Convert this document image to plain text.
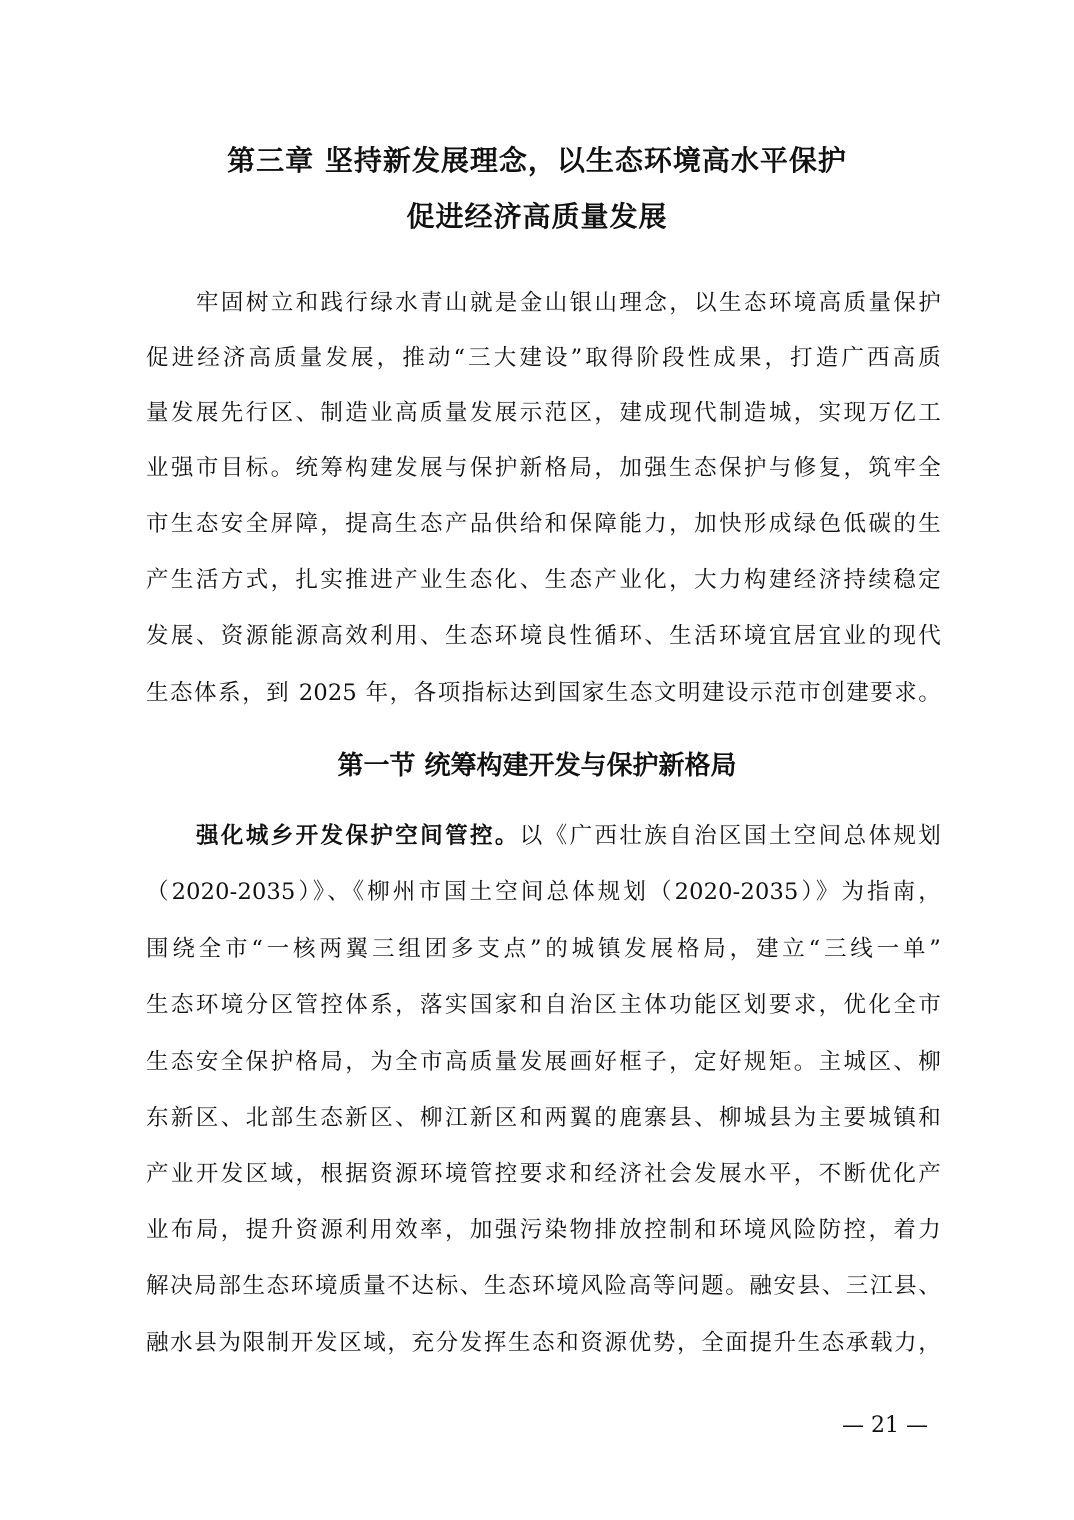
第三章 坚持新发展理念，以生态环境高水平保护
促进经济高质量发展
牢固树立和践行绿水青山就是金山银山理念，以生态环境高质量保护
促进经济高质量发展，推动“三大建设”取得阶段性成果，打造广西高质
量发展先行区、制造业高质量发展示范区，建成现代制造城，实现万亿工
业强市目标。统筹构建发展与保护新格局，加强生态保护与修复，筑牢全
市生态安全屏障，提高生态产品供给和保障能力，加快形成绿色低碳的生
产生活方式，扎实推进产业生态化、生态产业化，大力构建经济持续稳定
发展、资源能源高效利用、生态环境良性循环、生活环境宜居宜业的现代
生态体系，到 2025 年，各项指标达到国家生态文明建设示范市创建要求。
第一节 统筹构建开发与保护新格局
强化城乡开发保护空间管控。以《广西壮族自治区国土空间总体规划
（2020-2035）》、《柳州市国土空间总体规划（2020-2035）》为指南，
围绕全市“一核两翼三组团多支点”的城镇发展格局，建立“三线一单”
生态环境分区管控体系，落实国家和自治区主体功能区划要求，优化全市
生态安全保护格局，为全市高质量发展画好框子，定好规矩。主城区、柳
东新区、北部生态新区、柳江新区和两翼的鹿寨县、柳城县为主要城镇和
产业开发区域，根据资源环境管控要求和经济社会发展水平，不断优化产
业布局，提升资源利用效率，加强污染物排放控制和环境风险防控，着力
解决局部生态环境质量不达标、生态环境风险高等问题。融安县、三江县、
融水县为限制开发区域，充分发挥生态和资源优势，全面提升生态承载力，
— 21 —
